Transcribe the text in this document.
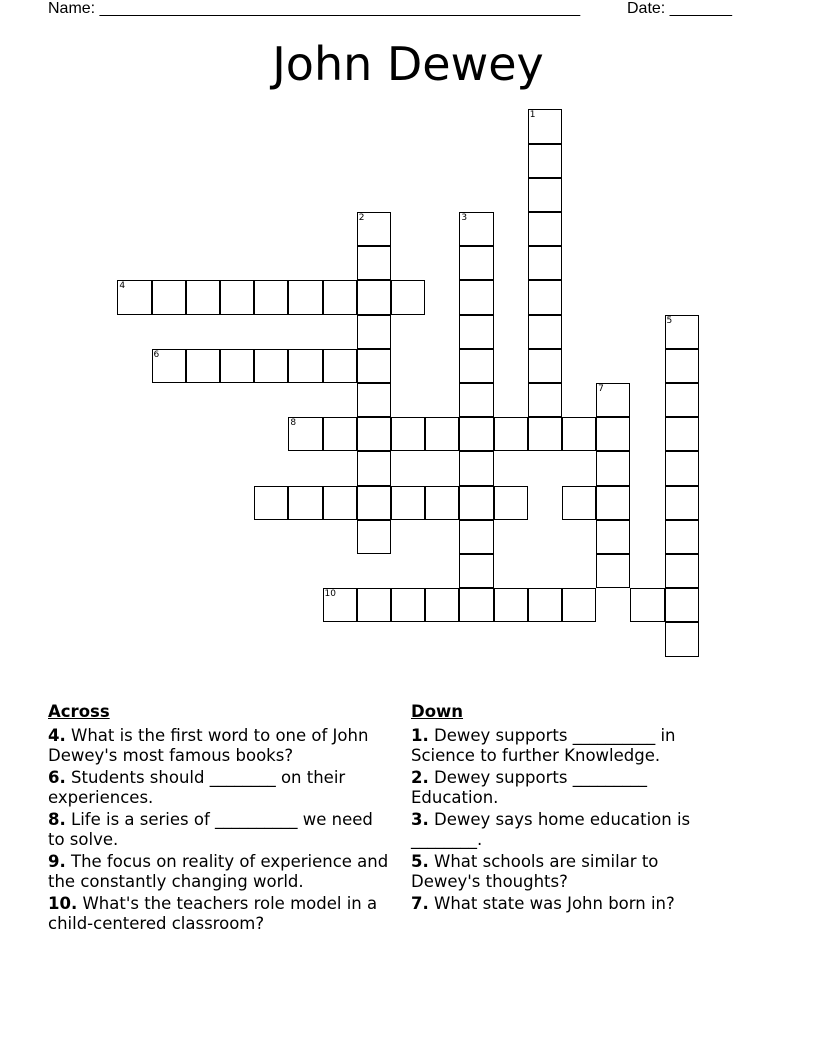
Name: ______________________________________________________	Date: _______
John Dewey
1
2	3
4
6
5
8
7
10
Across
4. What is the first word to one of John Dewey's most famous books?
6. Students should ________ on their experiences.
8. Life is a series of __________ we need to solve.
9. The focus on reality of experience and the constantly changing world.
10. What's the teachers role model in a child-centered classroom?
Down
1. Dewey supports __________ in Science to further Knowledge.
2. Dewey supports _________ Education.
3. Dewey says home education is ________.
5. What schools are similar to Dewey's thoughts?
7. What state was John born in?
